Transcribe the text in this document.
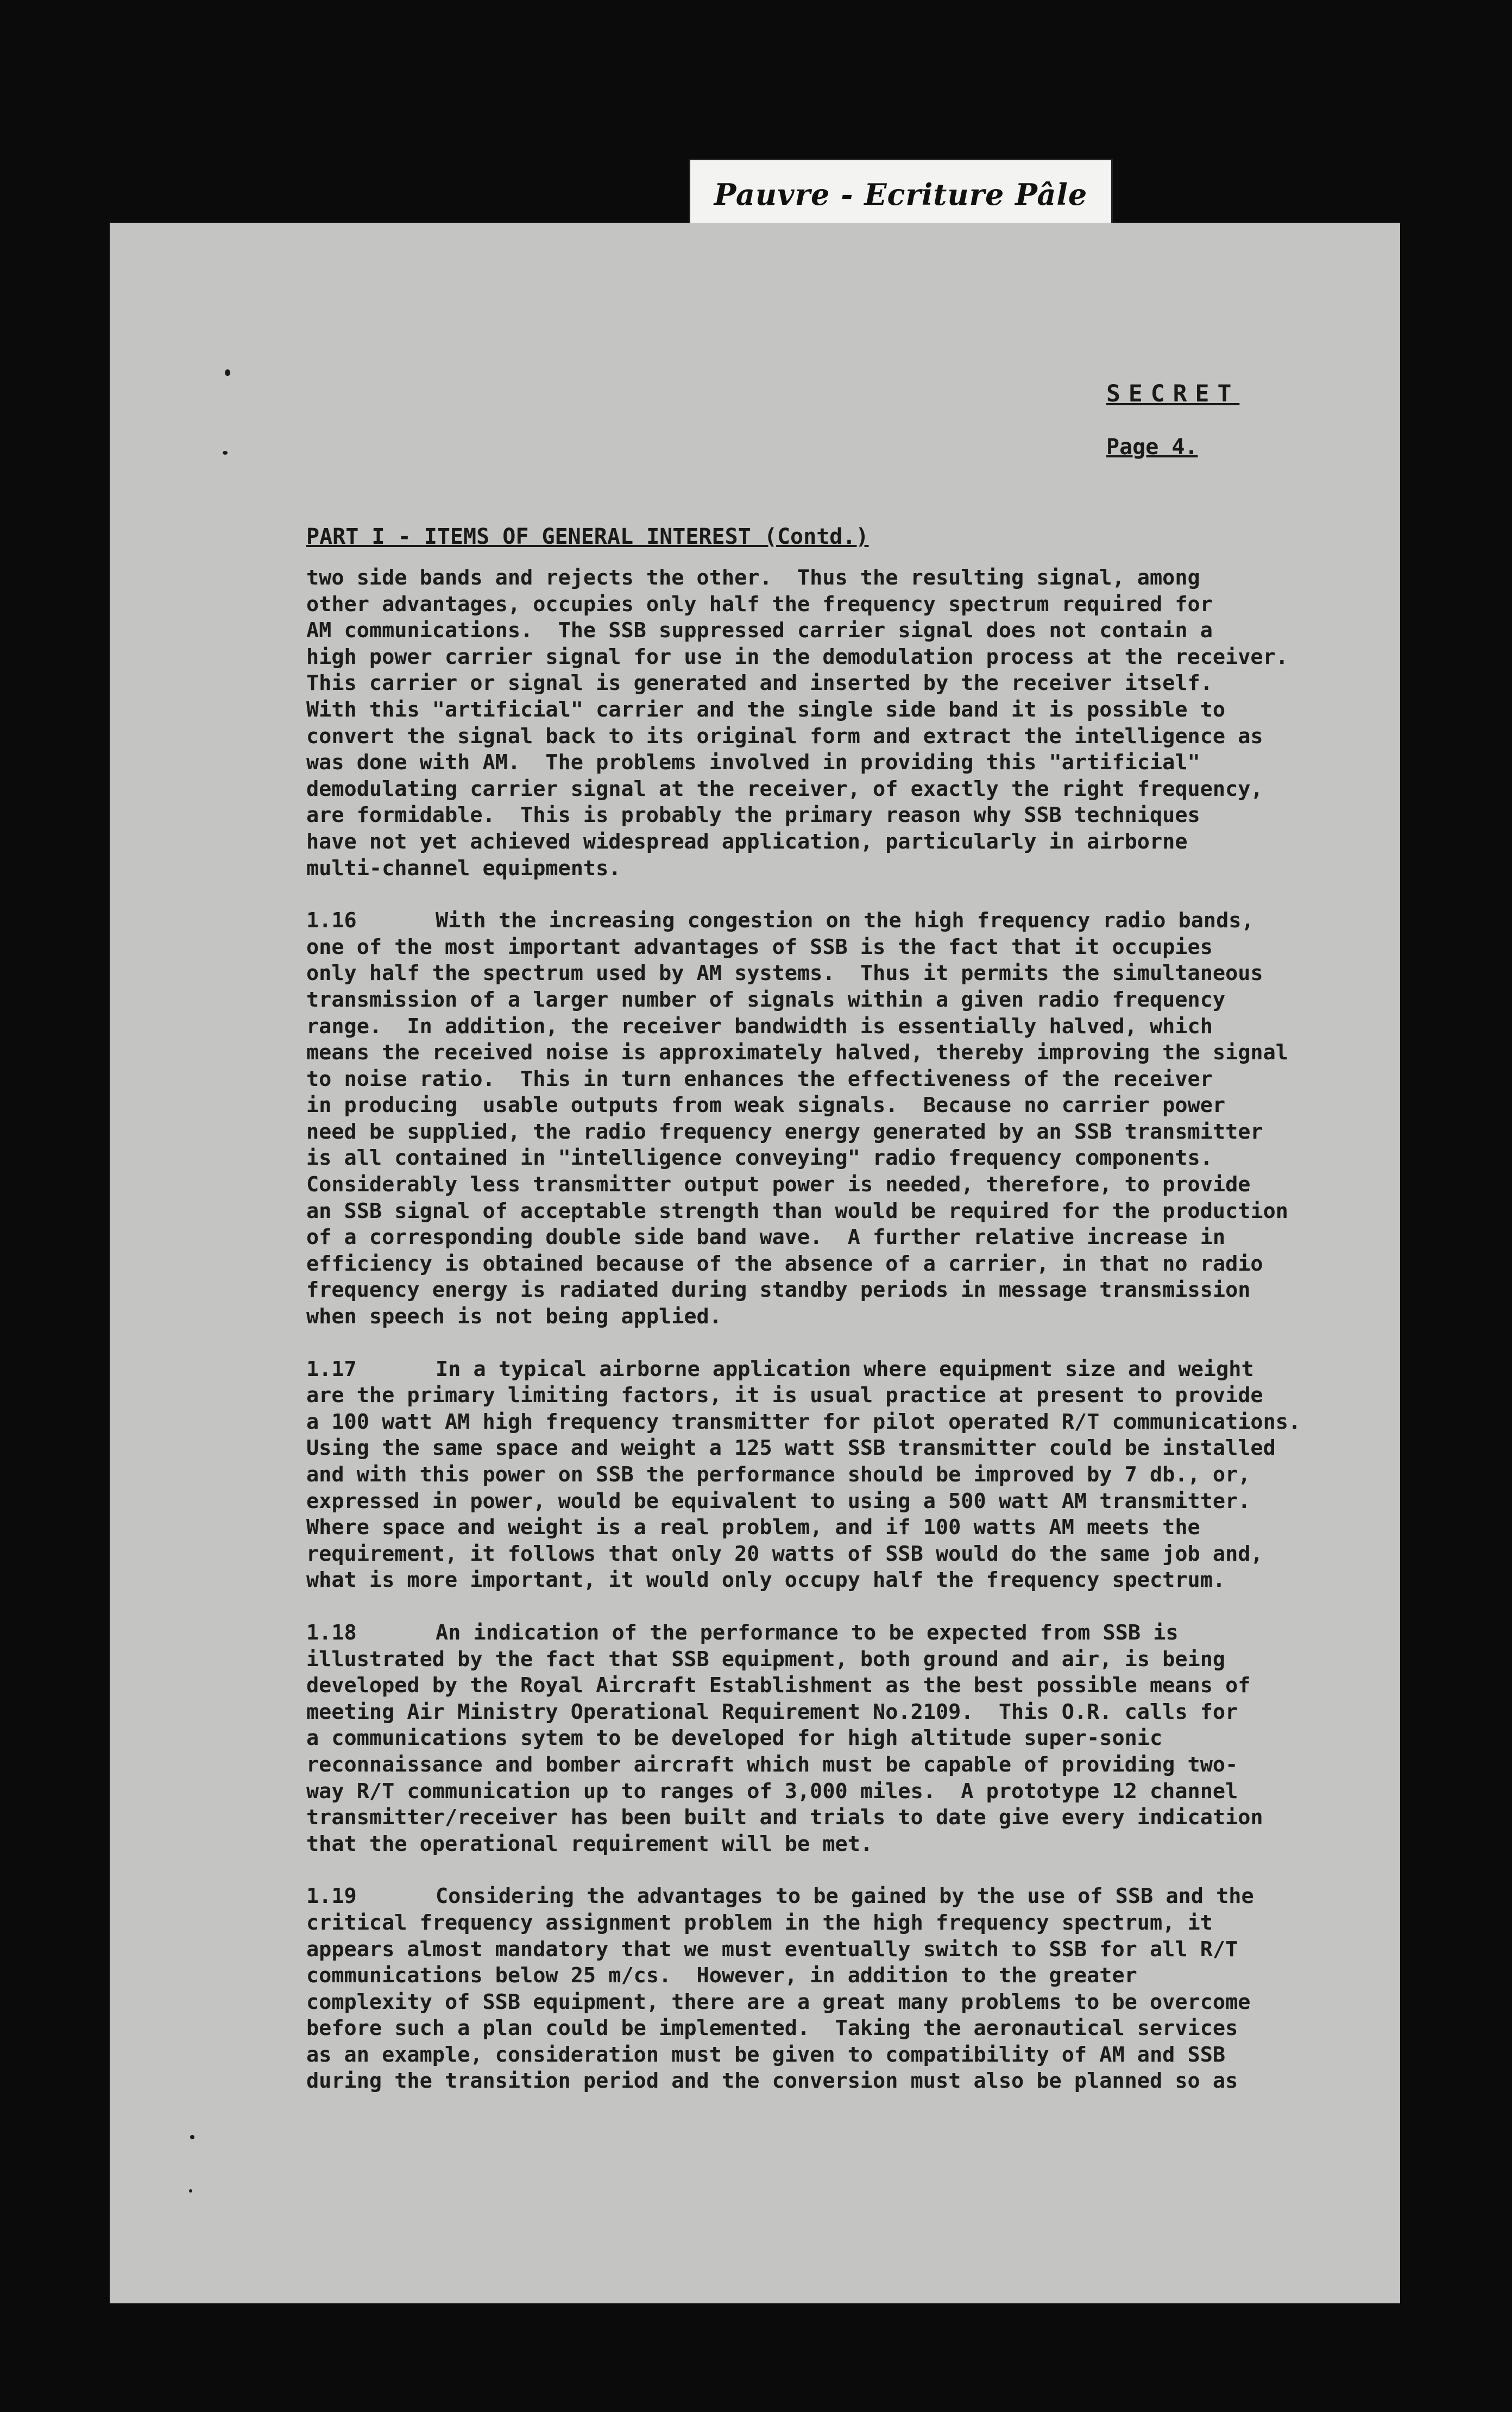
Pauvre - Ecriture Pâle
SECRET
Page 4.
PART I - ITEMS OF GENERAL INTEREST (Contd.)
two side bands and rejects the other.  Thus the resulting signal, among
other advantages, occupies only half the frequency spectrum required for
AM communications.  The SSB suppressed carrier signal does not contain a
high power carrier signal for use in the demodulation process at the receiver.
This carrier or signal is generated and inserted by the receiver itself.
With this "artificial" carrier and the single side band it is possible to
convert the signal back to its original form and extract the intelligence as
was done with AM.  The problems involved in providing this "artificial"
demodulating carrier signal at the receiver, of exactly the right frequency,
are formidable.  This is probably the primary reason why SSB techniques
have not yet achieved widespread application, particularly in airborne
multi-channel equipments.
1.16	With the increasing congestion on the high frequency radio bands,
one of the most important advantages of SSB is the fact that it occupies
only half the spectrum used by AM systems.  Thus it permits the simultaneous
transmission of a larger number of signals within a given radio frequency
range.  In addition, the receiver bandwidth is essentially halved, which
means the received noise is approximately halved, thereby improving the signal
to noise ratio.  This in turn enhances the effectiveness of the receiver
in producing  usable outputs from weak signals.  Because no carrier power
need be supplied, the radio frequency energy generated by an SSB transmitter
is all contained in "intelligence conveying" radio frequency components.
Considerably less transmitter output power is needed, therefore, to provide
an SSB signal of acceptable strength than would be required for the production
of a corresponding double side band wave.  A further relative increase in
efficiency is obtained because of the absence of a carrier, in that no radio
frequency energy is radiated during standby periods in message transmission
when speech is not being applied.
1.17	In a typical airborne application where equipment size and weight
are the primary limiting factors, it is usual practice at present to provide
a 100 watt AM high frequency transmitter for pilot operated R/T communications.
Using the same space and weight a 125 watt SSB transmitter could be installed
and with this power on SSB the performance should be improved by 7 db., or,
expressed in power, would be equivalent to using a 500 watt AM transmitter.
Where space and weight is a real problem, and if 100 watts AM meets the
requirement, it follows that only 20 watts of SSB would do the same job and,
what is more important, it would only occupy half the frequency spectrum.
1.18	An indication of the performance to be expected from SSB is
illustrated by the fact that SSB equipment, both ground and air, is being
developed by the Royal Aircraft Establishment as the best possible means of
meeting Air Ministry Operational Requirement No.2109.  This O.R. calls for
a communications sytem to be developed for high altitude super-sonic
reconnaissance and bomber aircraft which must be capable of providing two-
way R/T communication up to ranges of 3,000 miles.  A prototype 12 channel
transmitter/receiver has been built and trials to date give every indication
that the operational requirement will be met.
1.19	Considering the advantages to be gained by the use of SSB and the
critical frequency assignment problem in the high frequency spectrum, it
appears almost mandatory that we must eventually switch to SSB for all R/T
communications below 25 m/cs.  However, in addition to the greater
complexity of SSB equipment, there are a great many problems to be overcome
before such a plan could be implemented.  Taking the aeronautical services
as an example, consideration must be given to compatibility of AM and SSB
during the transition period and the conversion must also be planned so as
